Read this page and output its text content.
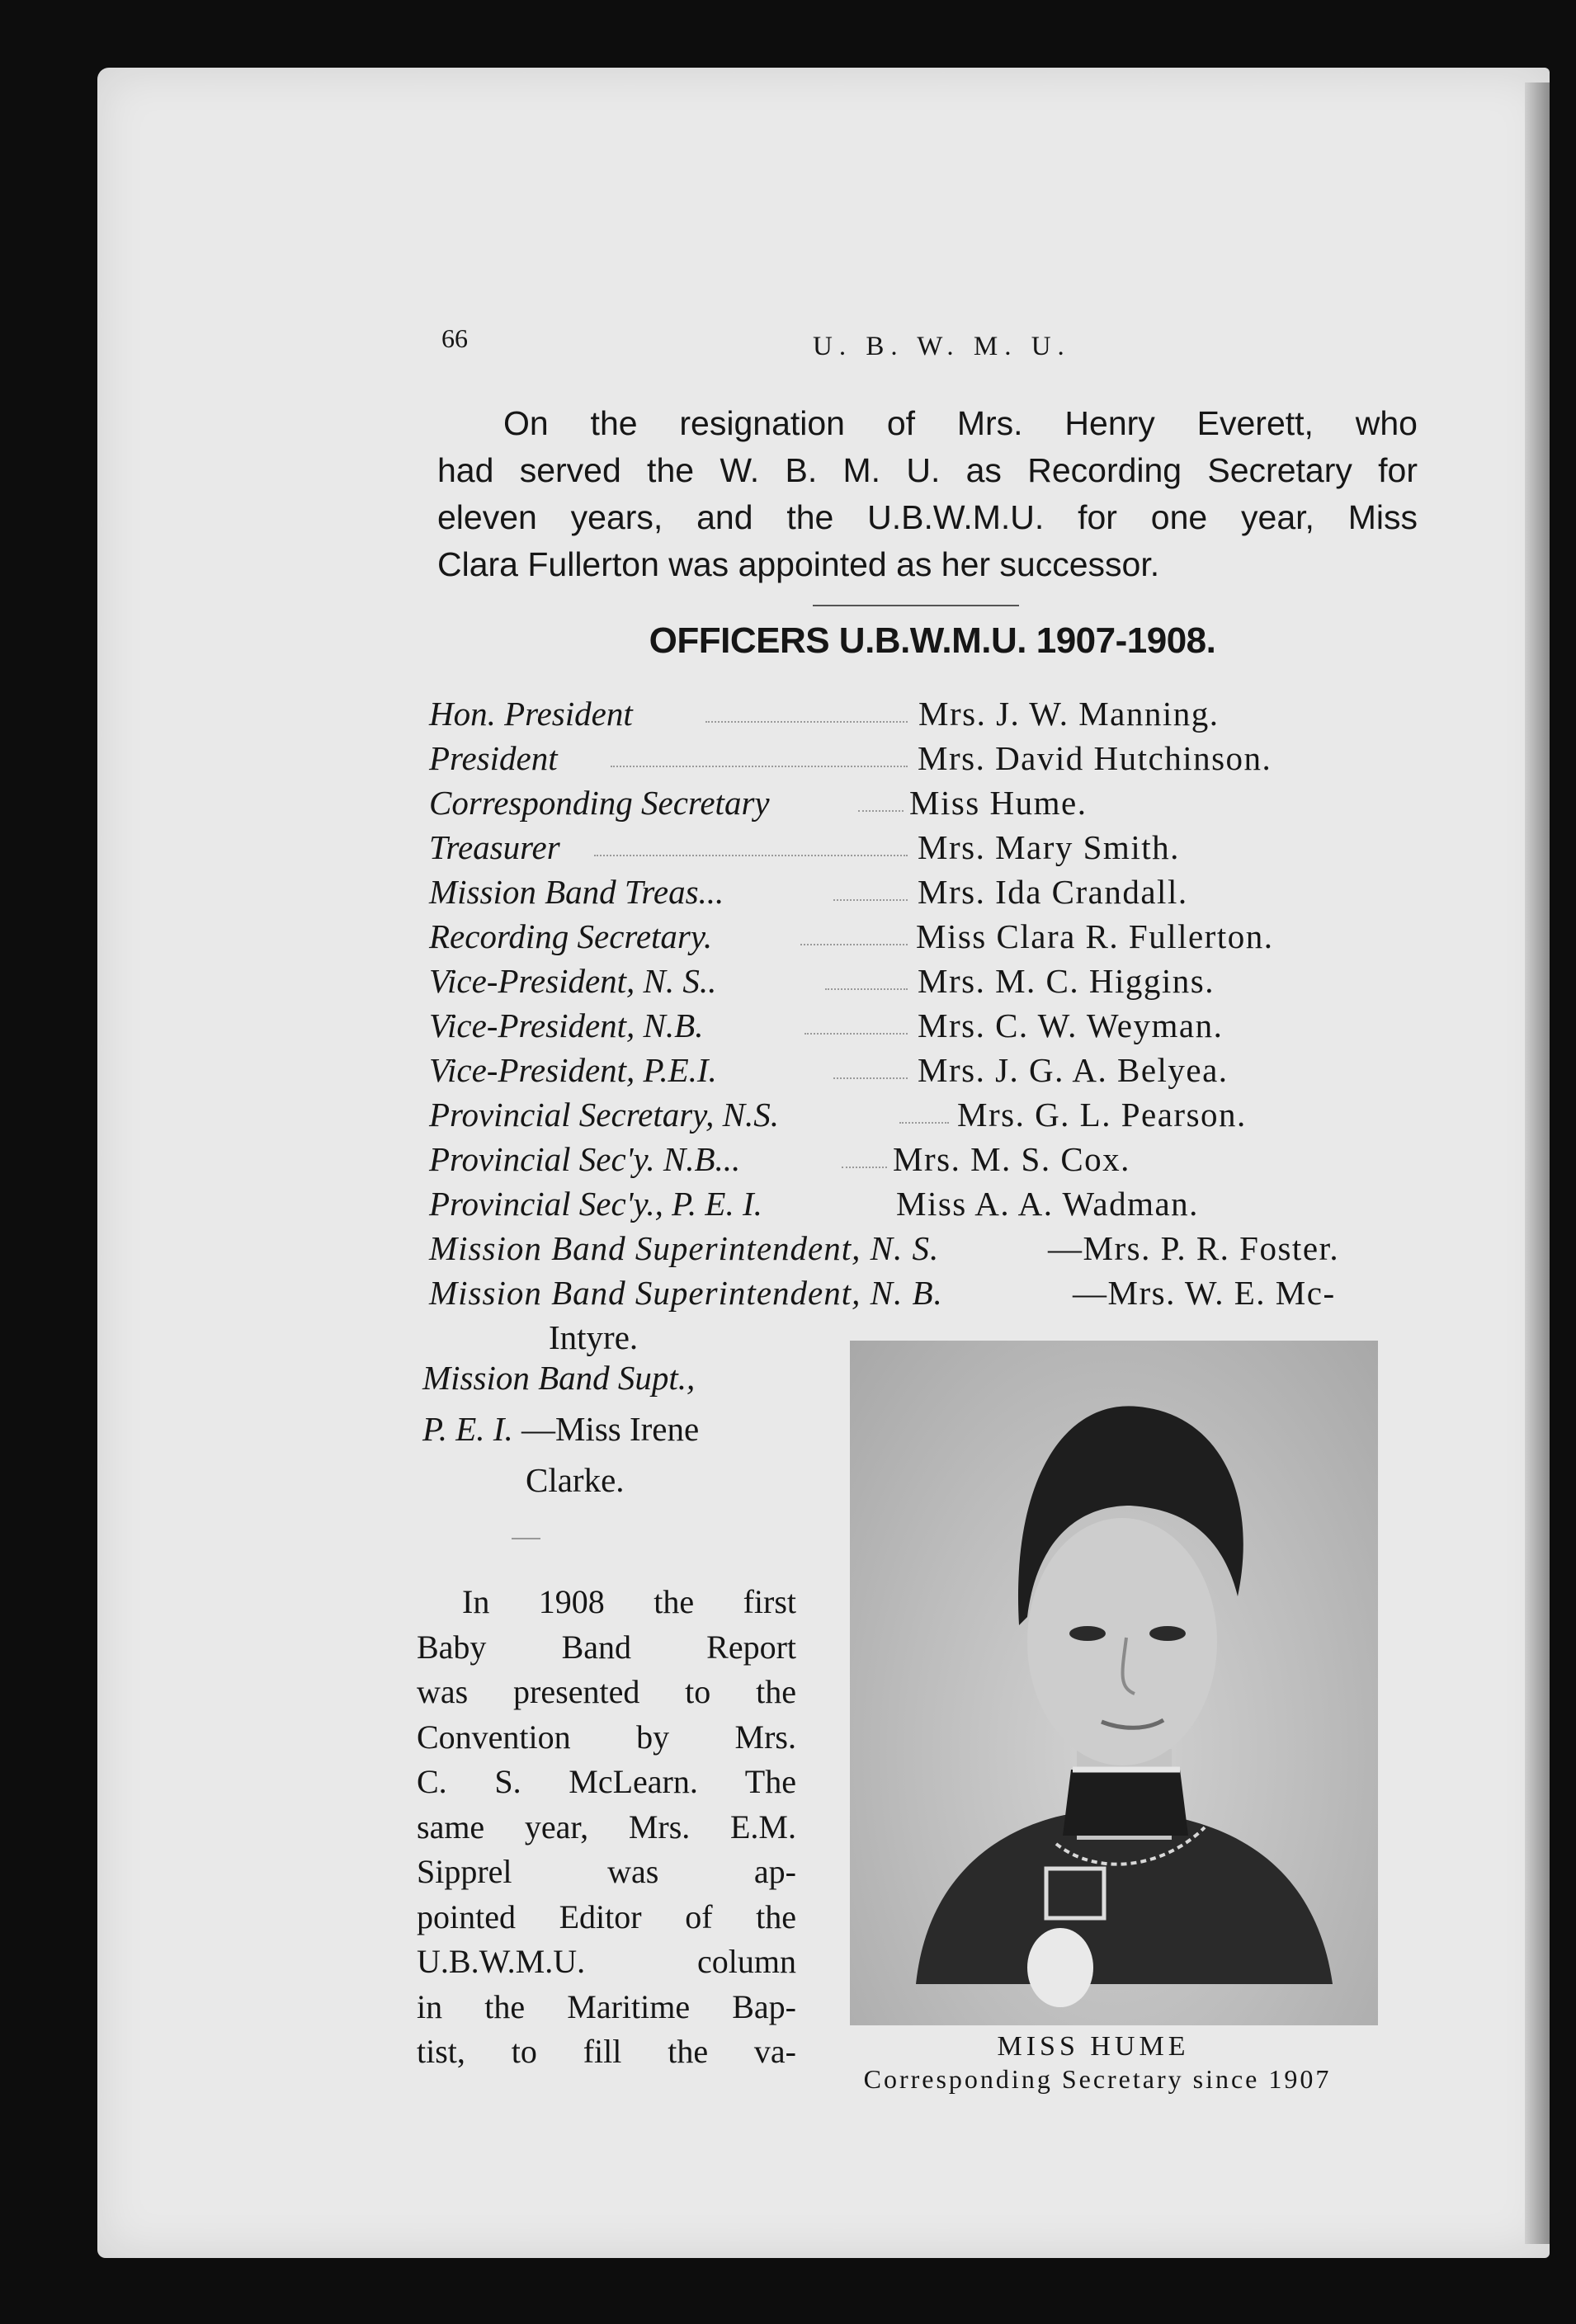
66	U. B. W. M. U.

On the resignation of Mrs. Henry Everett, who
had served the W. B. M. U. as Recording Secretary for
eleven years, and the U.B.W.M.U. for one year, Miss
Clara Fullerton was appointed as her successor.

OFFICERS U.B.W.M.U. 1907-1908.
Hon. President	Mrs. J. W. Manning.
President	Mrs. David Hutchinson.
Corresponding Secretary	Miss Hume.
Treasurer	Mrs. Mary Smith.
Mission Band Treas...	Mrs. Ida Crandall.
Recording Secretary.	Miss Clara R. Fullerton.
Vice-President, N. S..	Mrs. M. C. Higgins.
Vice-President, N.B.	Mrs. C. W. Weyman.
Vice-President, P.E.I.	Mrs. J. G. A. Belyea.
Provincial Secretary, N.S.	Mrs. G. L. Pearson.
Provincial Sec'y. N.B...	Mrs. M. S. Cox.
Provincial Sec'y., P. E. I.	Miss A. A. Wadman.
Mission Band Superintendent, N. S.	—Mrs. P. R. Foster.
Mission Band Superintendent, N. B.	—Mrs. W. E. Mc-
Intyre.
Mission Band Supt.,
P. E. I. —Miss Irene
Clarke.
In 1908 the first
Baby Band Report
was presented to the
Convention by Mrs.
C. S. McLearn. The
same year, Mrs. E.M.
Sipprel was ap-
pointed Editor of the
U.B.W.M.U. column
in the Maritime Bap-
tist, to fill the va-	MISS HUME
Corresponding Secretary since 1907
